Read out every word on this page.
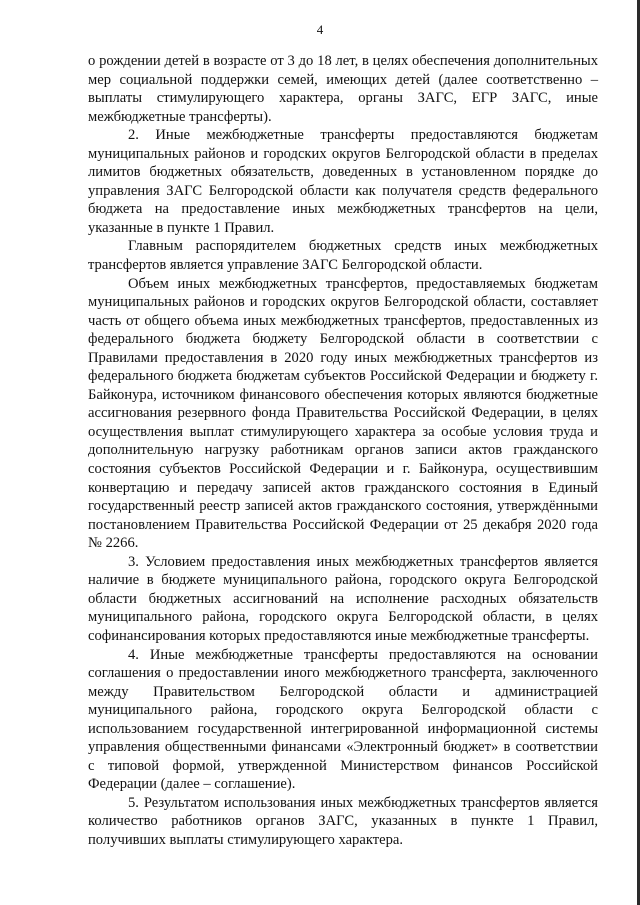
4

о рождении детей в возрасте от 3 до 18 лет, в целях обеспечения дополнительных мер социальной поддержки семей, имеющих детей (далее соответственно – выплаты стимулирующего характера, органы ЗАГС, ЕГР ЗАГС, иные межбюджетные трансферты).

2. Иные межбюджетные трансферты предоставляются бюджетам муниципальных районов и городских округов Белгородской области в пределах лимитов бюджетных обязательств, доведенных в установленном порядке до управления ЗАГС Белгородской области как получателя средств федерального бюджета на предоставление иных межбюджетных трансфертов на цели, указанные в пункте 1 Правил.

Главным распорядителем бюджетных средств иных межбюджетных трансфертов является управление ЗАГС Белгородской области.

Объем иных межбюджетных трансфертов, предоставляемых бюджетам муниципальных районов и городских округов Белгородской области, составляет часть от общего объема иных межбюджетных трансфертов, предоставленных из федерального бюджета бюджету Белгородской области в соответствии с Правилами предоставления в 2020 году иных межбюджетных трансфертов из федерального бюджета бюджетам субъектов Российской Федерации и бюджету г. Байконура, источником финансового обеспечения которых являются бюджетные ассигнования резервного фонда Правительства Российской Федерации, в целях осуществления выплат стимулирующего характера за особые условия труда и дополнительную нагрузку работникам органов записи актов гражданского состояния субъектов Российской Федерации и г. Байконура, осуществившим конвертацию и передачу записей актов гражданского состояния в Единый государственный реестр записей актов гражданского состояния, утверждёнными постановлением Правительства Российской Федерации от 25 декабря 2020 года № 2266.

3. Условием предоставления иных межбюджетных трансфертов является наличие в бюджете муниципального района, городского округа Белгородской области бюджетных ассигнований на исполнение расходных обязательств муниципального района, городского округа Белгородской области, в целях софинансирования которых предоставляются иные межбюджетные трансферты.

4. Иные межбюджетные трансферты предоставляются на основании соглашения о предоставлении иного межбюджетного трансферта, заключенного между Правительством Белгородской области и администрацией муниципального района, городского округа Белгородской области с использованием государственной интегрированной информационной системы управления общественными финансами «Электронный бюджет» в соответствии с типовой формой, утвержденной Министерством финансов Российской Федерации (далее – соглашение).

5. Результатом использования иных межбюджетных трансфертов является количество работников органов ЗАГС, указанных в пункте 1 Правил, получивших выплаты стимулирующего характера.
